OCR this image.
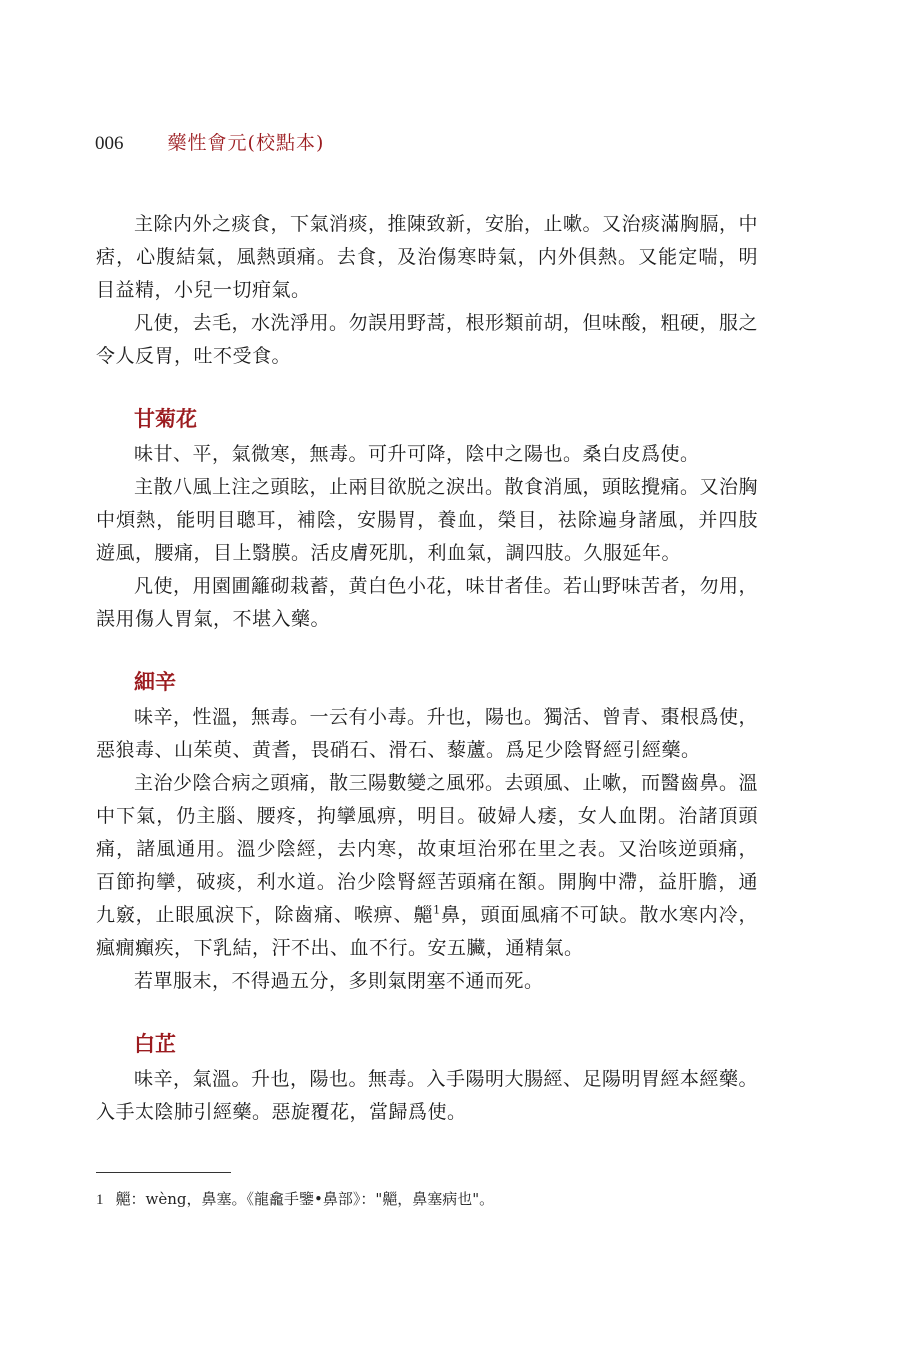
006 藥性會元(校點本)

主除内外之痰食，下氣消痰，推陳致新，安胎，止嗽。又治痰滿胸膈，中痞，心腹結氣，風熱頭痛。去食，及治傷寒時氣，内外俱熱。又能定喘，明目益精，小兒一切疳氣。

凡使，去毛，水洗淨用。勿誤用野蒿，根形類前胡，但味酸，粗硬，服之令人反胃，吐不受食。

甘菊花

味甘、平，氣微寒，無毒。可升可降，陰中之陽也。桑白皮爲使。

主散八風上注之頭眩，止兩目欲脱之淚出。散食消風，頭眩攪痛。又治胸中煩熱，能明目聰耳，補陰，安腸胃，養血，榮目，祛除遍身諸風，并四肢遊風，腰痛，目上翳膜。活皮膚死肌，利血氣，調四肢。久服延年。

凡使，用園圃籬砌栽蓄，黄白色小花，味甘者佳。若山野味苦者，勿用，誤用傷人胃氣，不堪入藥。

細辛

味辛，性溫，無毒。一云有小毒。升也，陽也。獨活、曾青、棗根爲使，惡狼毒、山茱萸、黄耆，畏硝石、滑石、藜蘆。爲足少陰腎經引經藥。

主治少陰合病之頭痛，散三陽數變之風邪。去頭風、止嗽，而醫齒鼻。溫中下氣，仍主腦、腰疼，拘攣風痹，明目。破婦人痿，女人血閉。治諸頂頭痛，諸風通用。溫少陰經，去内寒，故東垣治邪在里之表。又治咳逆頭痛，百節拘攣，破痰，利水道。治少陰腎經苦頭痛在額。開胸中滯，益肝膽，通九竅，止眼風淚下，除齒痛、喉痹、齆$^1$鼻，頭面風痛不可缺。散水寒内冷，瘋癇癲疾，下乳結，汗不出、血不行。安五臟，通精氣。

若單服末，不得過五分，多則氣閉塞不通而死。

白芷

味辛，氣溫。升也，陽也。無毒。入手陽明大腸經、足陽明胃經本經藥。入手太陰肺引經藥。惡旋覆花，當歸爲使。

1 齆：wèng，鼻塞。《龍龕手鑒•鼻部》："齆，鼻塞病也"。
